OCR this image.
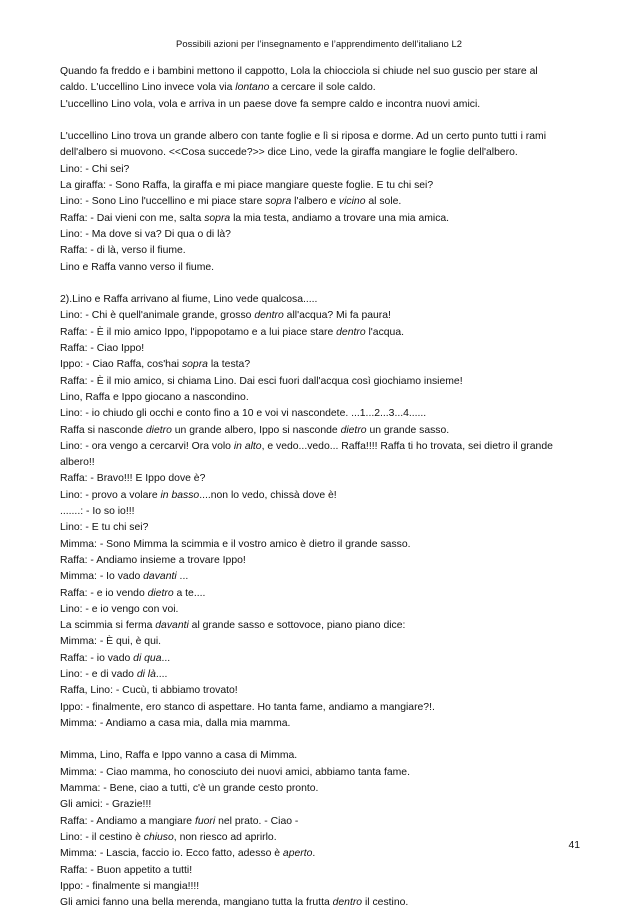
Possibili azioni per l’insegnamento e l’apprendimento dell’italiano L2
Quando fa freddo e i bambini mettono il cappotto, Lola la chiocciola si chiude nel suo guscio per stare al
caldo. L'uccellino Lino invece vola via lontano a cercare il sole caldo.
L'uccellino Lino vola, vola e arriva in un paese dove fa sempre caldo e incontra nuovi amici.
L'uccellino Lino trova un grande albero con tante foglie e lì si riposa e dorme. Ad un certo punto tutti i rami
dell'albero si muovono. <<Cosa succede?>> dice Lino, vede la giraffa mangiare le foglie dell'albero.
Lino: - Chi sei?
La giraffa: - Sono Raffa, la giraffa e mi piace mangiare queste foglie. E tu chi sei?
Lino: - Sono Lino l'uccellino e mi piace stare sopra l'albero e vicino al sole.
Raffa: - Dai vieni con me, salta sopra la mia testa, andiamo a trovare una mia amica.
Lino: - Ma dove si va? Di qua o di là?
Raffa: - di là, verso il fiume.
Lino e Raffa vanno verso il fiume.
2).Lino e Raffa arrivano al fiume, Lino vede qualcosa.....
Lino: - Chi è quell'animale grande, grosso dentro all'acqua? Mi fa paura!
Raffa: - È il mio amico Ippo, l'ippopotamo e a lui piace stare dentro l'acqua.
Raffa: - Ciao Ippo!
Ippo: - Ciao Raffa, cos'hai sopra la testa?
Raffa: - È il mio amico, si chiama Lino. Dai esci fuori dall'acqua così giochiamo insieme!
Lino, Raffa e Ippo giocano a nascondino.
Lino: - io chiudo gli occhi e conto fino a 10 e voi vi nascondete. ...1...2...3...4......
Raffa si nasconde dietro un grande albero, Ippo si nasconde dietro un grande sasso.
Lino: - ora vengo a cercarvi! Ora volo in alto, e vedo...vedo... Raffa!!!! Raffa ti ho trovata, sei dietro il grande
albero!!
Raffa: - Bravo!!! E Ippo dove è?
Lino: - provo a volare in basso....non lo vedo, chissà dove è!
.......: - Io so io!!!
Lino: - E tu chi sei?
Mimma: - Sono Mimma la scimmia e il vostro amico è dietro il grande sasso.
Raffa: - Andiamo insieme a trovare Ippo!
Mimma: - Io vado davanti ...
Raffa: - e io vendo dietro a te....
Lino: - e io vengo con voi.
La scimmia si ferma davanti al grande sasso e sottovoce, piano piano dice:
Mimma: - È qui, è qui.
Raffa: - io vado di qua...
Lino: - e di vado di là....
Raffa, Lino: - Cucù, ti abbiamo trovato!
Ippo: - finalmente, ero stanco di aspettare. Ho tanta fame, andiamo a mangiare?!.
Mimma: - Andiamo a casa mia, dalla mia mamma.
Mimma, Lino, Raffa e Ippo vanno a casa di Mimma.
Mimma: - Ciao mamma, ho conosciuto dei nuovi amici, abbiamo tanta fame.
Mamma: - Bene, ciao a tutti, c'è un grande cesto pronto.
Gli amici: - Grazie!!!
Raffa: - Andiamo a mangiare fuori nel prato. - Ciao -
Lino: - il cestino è chiuso, non riesco ad aprirlo.
Mimma: - Lascia, faccio io. Ecco fatto, adesso è aperto.
Raffa: - Buon appetito a tutti!
Ippo: - finalmente si mangia!!!!
Gli amici fanno una bella merenda, mangiano tutta la frutta dentro il cestino.
41
